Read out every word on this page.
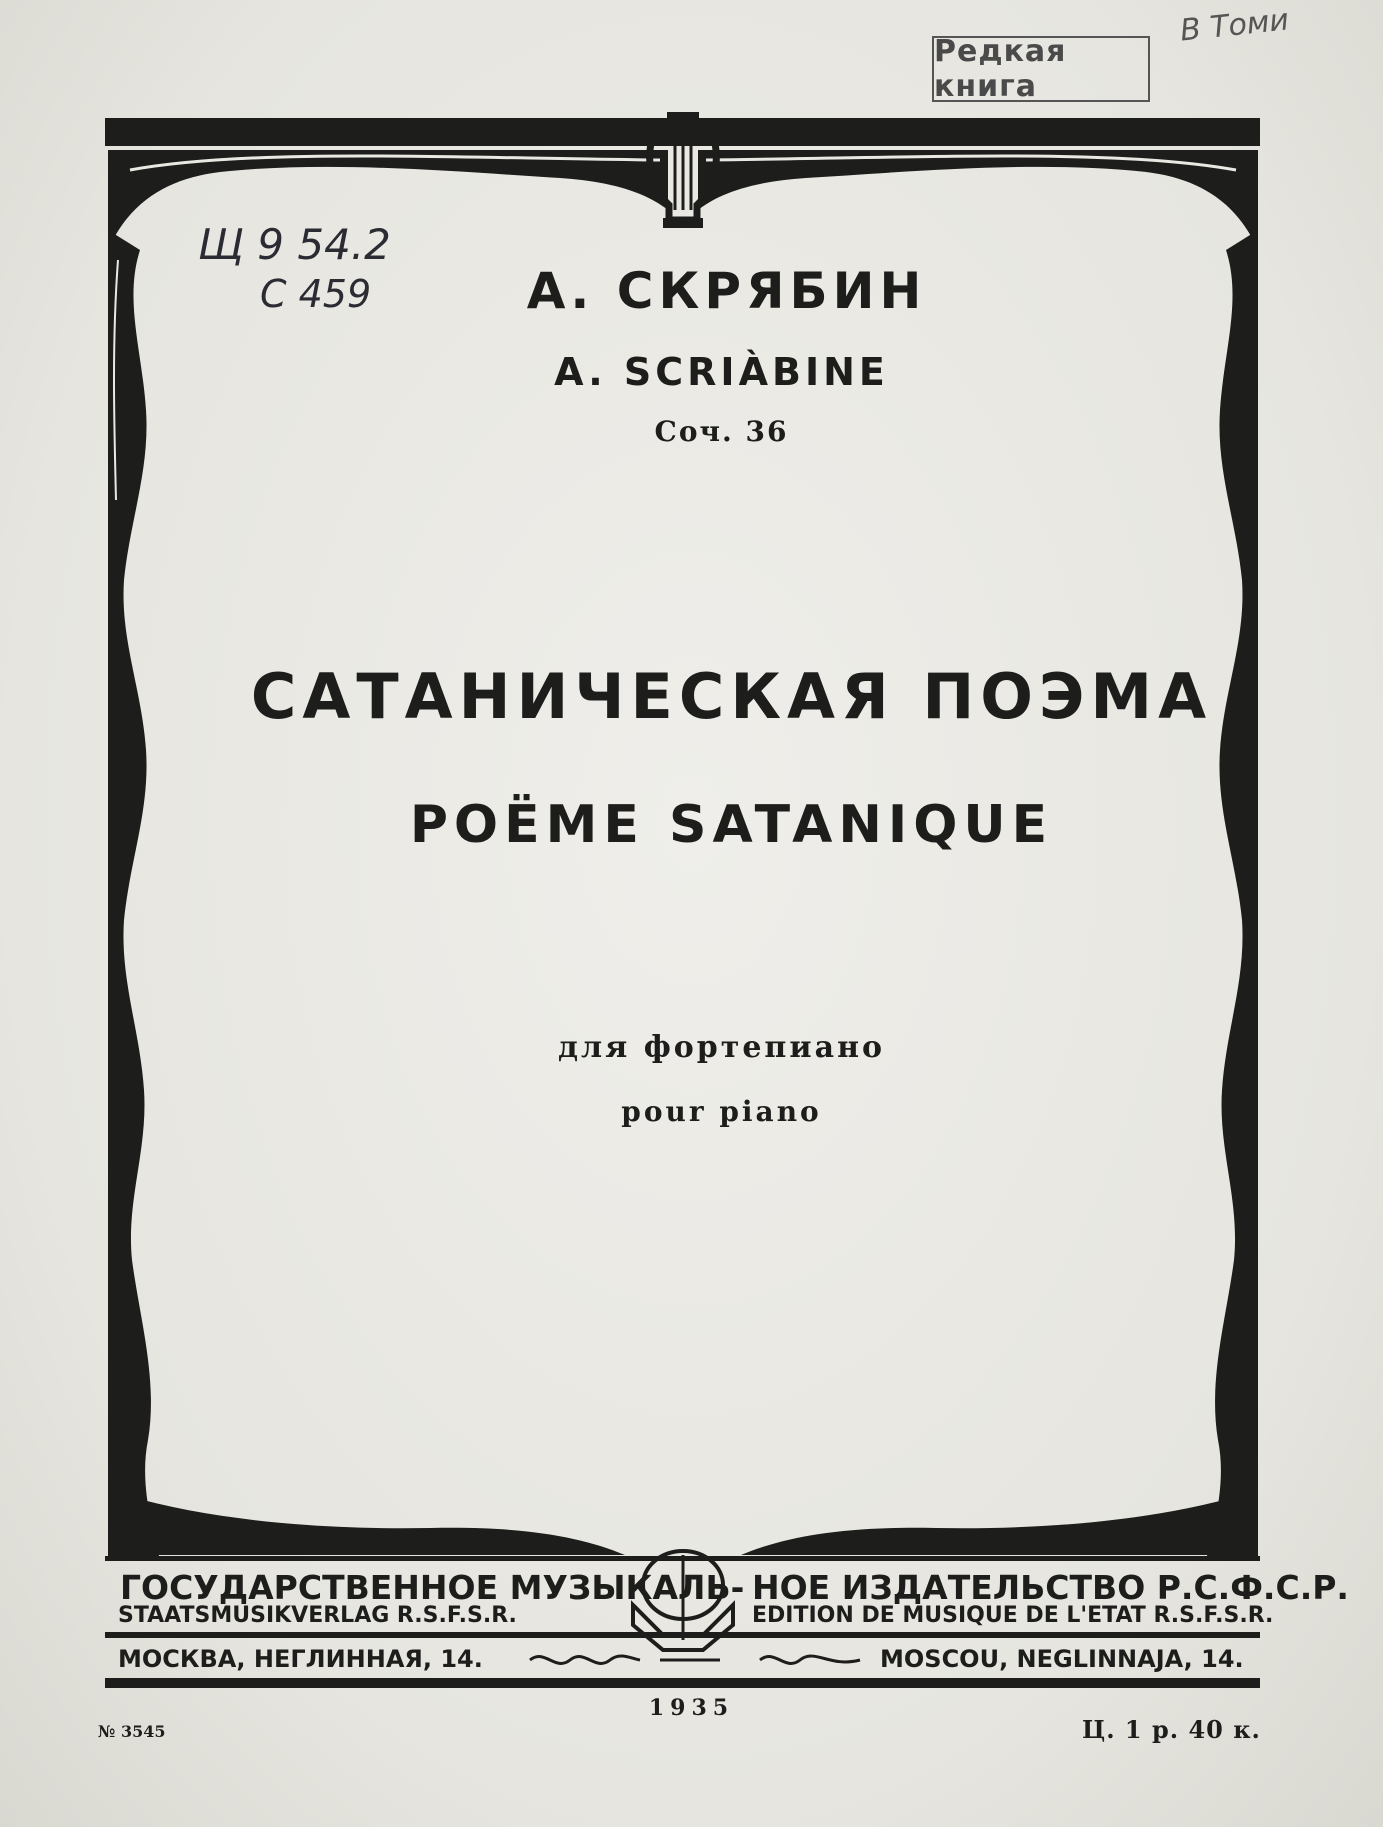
Редкая книга
В Томи
Щ 9 54.2
С 459	А. СКРЯБИН
A. SCRIÀBINE
Соч. 36
САТАНИЧЕСКАЯ ПОЭМА
POЁME SATANIQUE
для фортепиано
pour piano
ГОСУДАРСТВЕННОЕ МУЗЫКАЛЬ- НОЕ ИЗДАТЕЛЬСТВО Р.С.Ф.С.Р.
STAATSMUSIKVERLAG R.S.F.S.R.	EDITION DE MUSIQUE DE L'ETAT R.S.F.S.R.
МОСКВА, НЕГЛИННАЯ, 14.	MOSCOU, NEGLINNAJA, 14.
1935
№ 3545	Ц. 1 р. 40 к.
